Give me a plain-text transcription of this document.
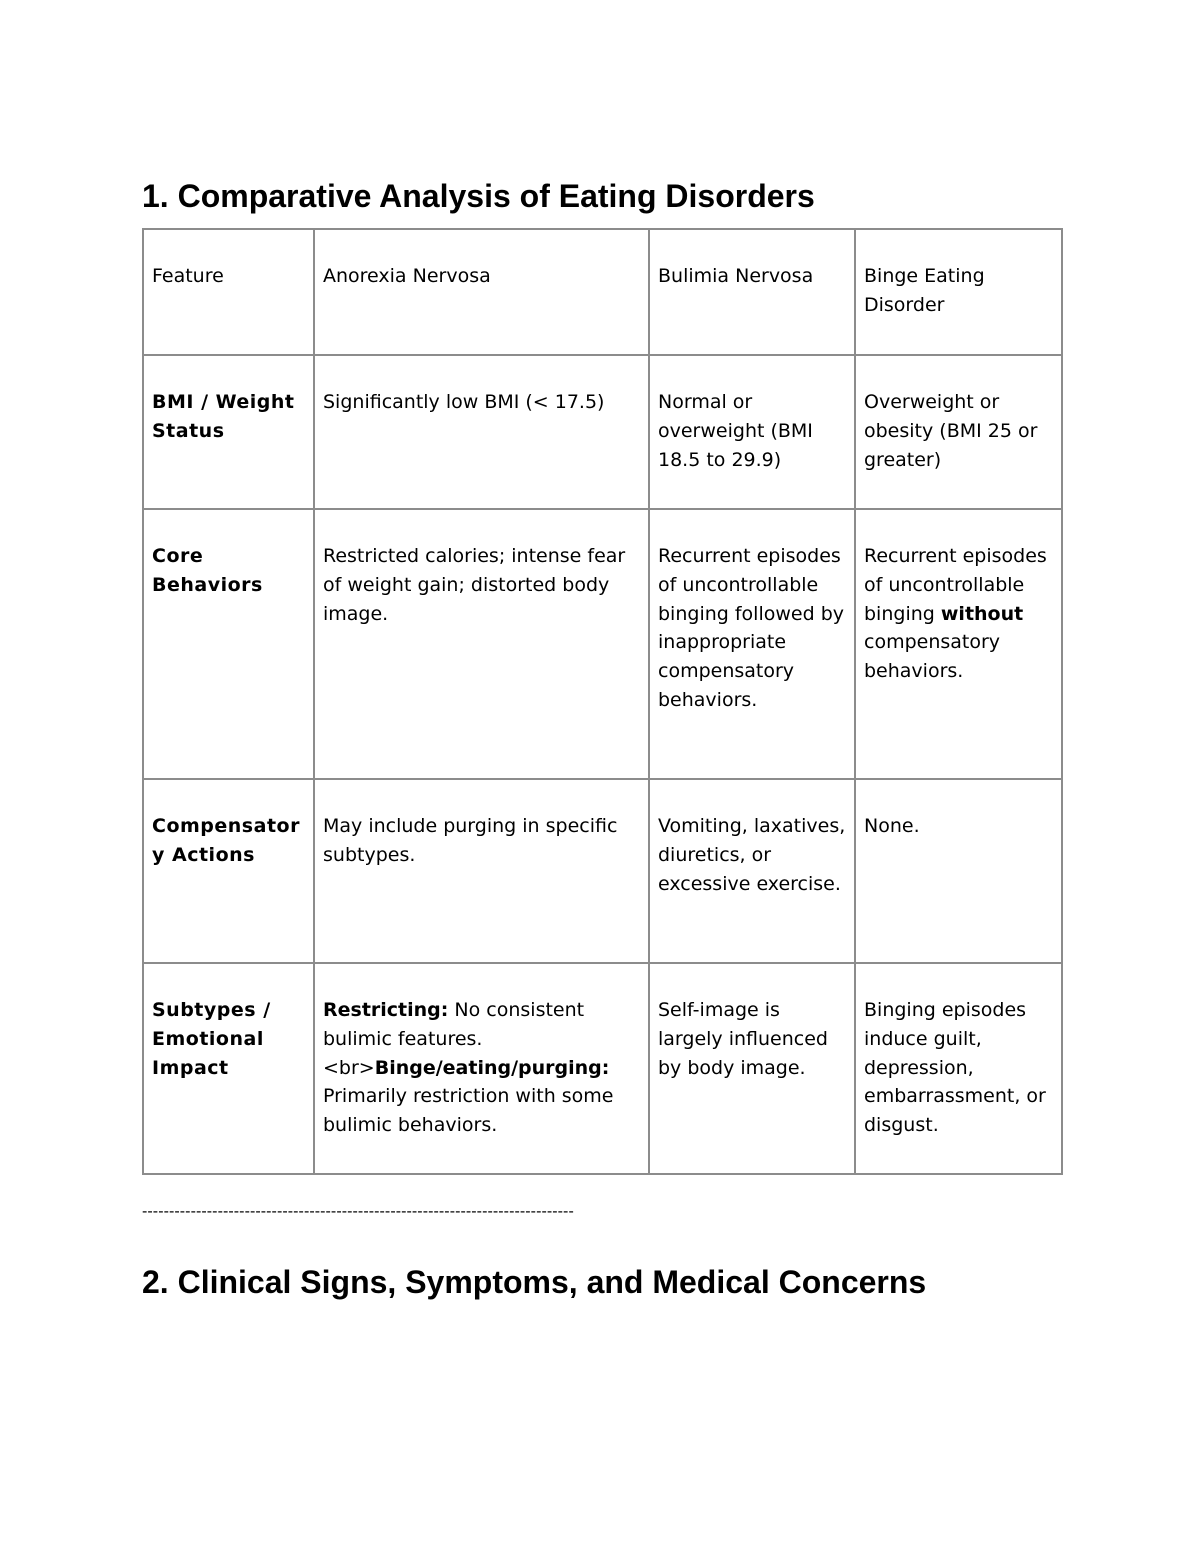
1. Comparative Analysis of Eating Disorders
Feature	Anorexia Nervosa	Bulimia Nervosa	Binge Eating Disorder
BMI / Weight Status	Significantly low BMI (< 17.5)	Normal or overweight (BMI 18.5 to 29.9)	Overweight or obesity (BMI 25 or greater)
Core Behaviors	Restricted calories; intense fear of weight gain; distorted body image.	Recurrent episodes of uncontrollable binging followed by inappropriate compensatory behaviors.	Recurrent episodes of uncontrollable binging without compensatory behaviors.
Compensatory Actions	May include purging in specific subtypes.	Vomiting, laxatives, diuretics, or excessive exercise.	None.
Subtypes / Emotional Impact	Restricting: No consistent bulimic features.<br>Binge/eating/purging: Primarily restriction with some bulimic behaviors.	Self-image is largely influenced by body image.	Binging episodes induce guilt, depression, embarrassment, or disgust.
--------------------------------------------------------------------------------
2. Clinical Signs, Symptoms, and Medical Concerns
